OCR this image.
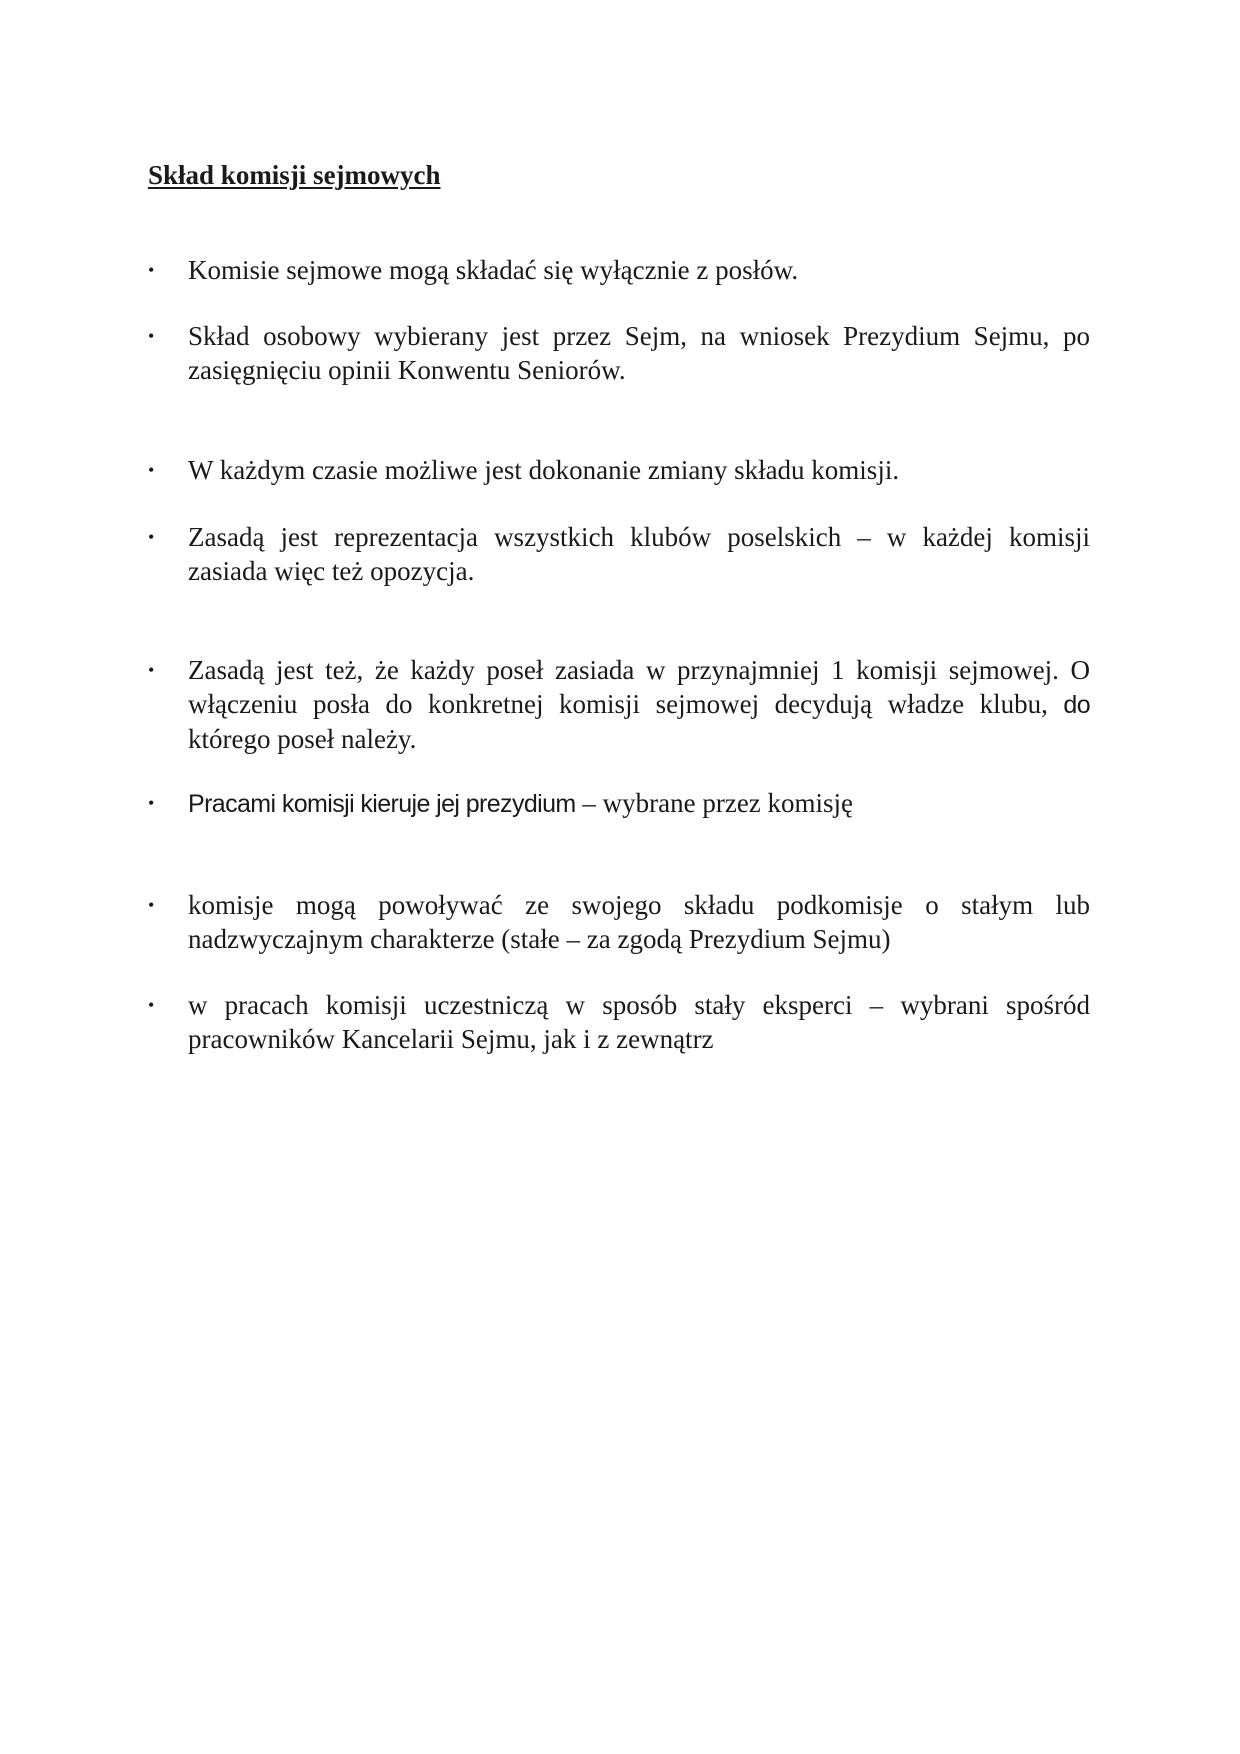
Skład komisji sejmowych
• Komisie sejmowe mogą składać się wyłącznie z posłów.

• Skład osobowy wybierany jest przez Sejm, na wniosek Prezydium Sejmu, po zasięgnięciu opinii Konwentu Seniorów.

• W każdym czasie możliwe jest dokonanie zmiany składu komisji.

• Zasadą jest reprezentacja wszystkich klubów poselskich – w każdej komisji zasiada więc też opozycja.

• Zasadą jest też, że każdy poseł zasiada w przynajmniej 1 komisji sejmowej. O włączeniu posła do konkretnej komisji sejmowej decydują władze klubu, do którego poseł należy.

• Pracami komisji kieruje jej prezydium – wybrane przez komisję

• komisje mogą powoływać ze swojego składu podkomisje o stałym lub nadzwyczajnym charakterze (stałe – za zgodą Prezydium Sejmu)

• w pracach komisji uczestniczą w sposób stały eksperci – wybrani spośród pracowników Kancelarii Sejmu, jak i z zewnątrz
